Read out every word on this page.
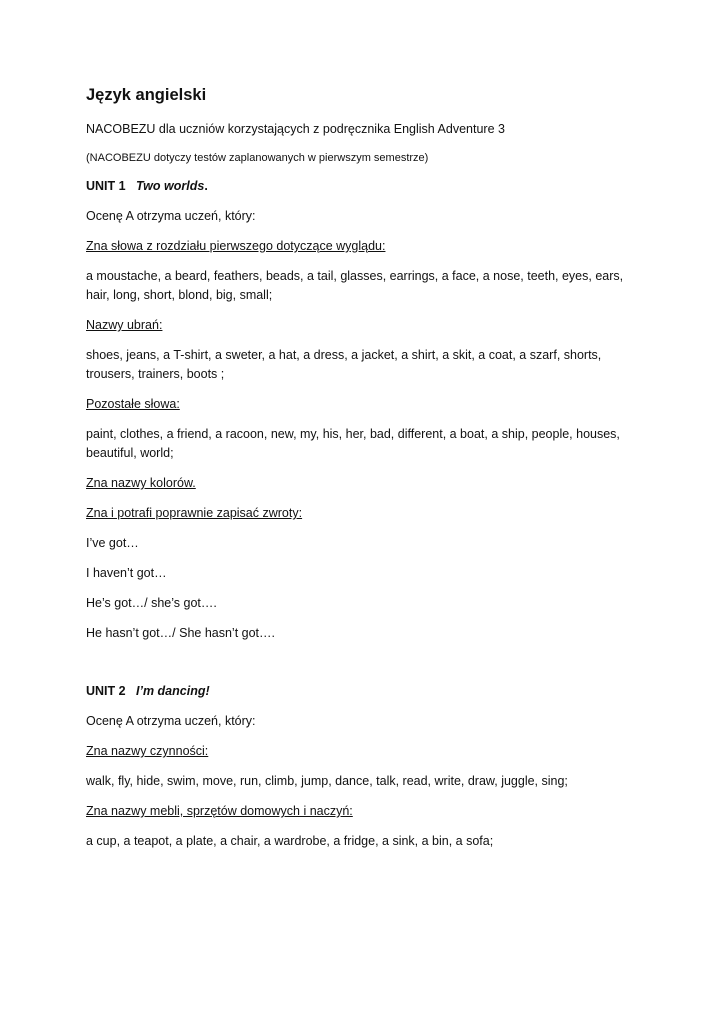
Język angielski
NACOBEZU dla uczniów korzystających z podręcznika English Adventure 3
(NACOBEZU dotyczy testów zaplanowanych w pierwszym semestrze)
UNIT 1 Two worlds.
Ocenę A otrzyma uczeń, który:
Zna słowa z rozdziału pierwszego dotyczące wyglądu:
a moustache, a beard, feathers, beads, a tail, glasses, earrings, a face, a nose, teeth, eyes, ears, hair, long, short, blond, big, small;
Nazwy ubrań:
shoes, jeans, a T-shirt, a sweter, a hat, a dress, a jacket, a shirt, a skit, a coat, a szarf, shorts, trousers, trainers, boots ;
Pozostałe słowa:
paint, clothes, a friend, a racoon, new, my, his, her, bad, different, a boat, a ship, people, houses, beautiful, world;
Zna nazwy kolorów.
Zna i potrafi poprawnie zapisać zwroty:
I’ve got…
I haven’t got…
He’s got…/ she’s got….
He hasn’t got…/ She hasn’t got….
UNIT 2 I’m dancing!
Ocenę A otrzyma uczeń, który:
Zna nazwy czynności:
walk, fly, hide, swim, move, run, climb, jump, dance, talk, read, write, draw, juggle, sing;
Zna nazwy mebli, sprzętów domowych i naczyń:
a cup, a teapot, a plate, a chair, a wardrobe, a fridge, a sink, a bin, a sofa;
